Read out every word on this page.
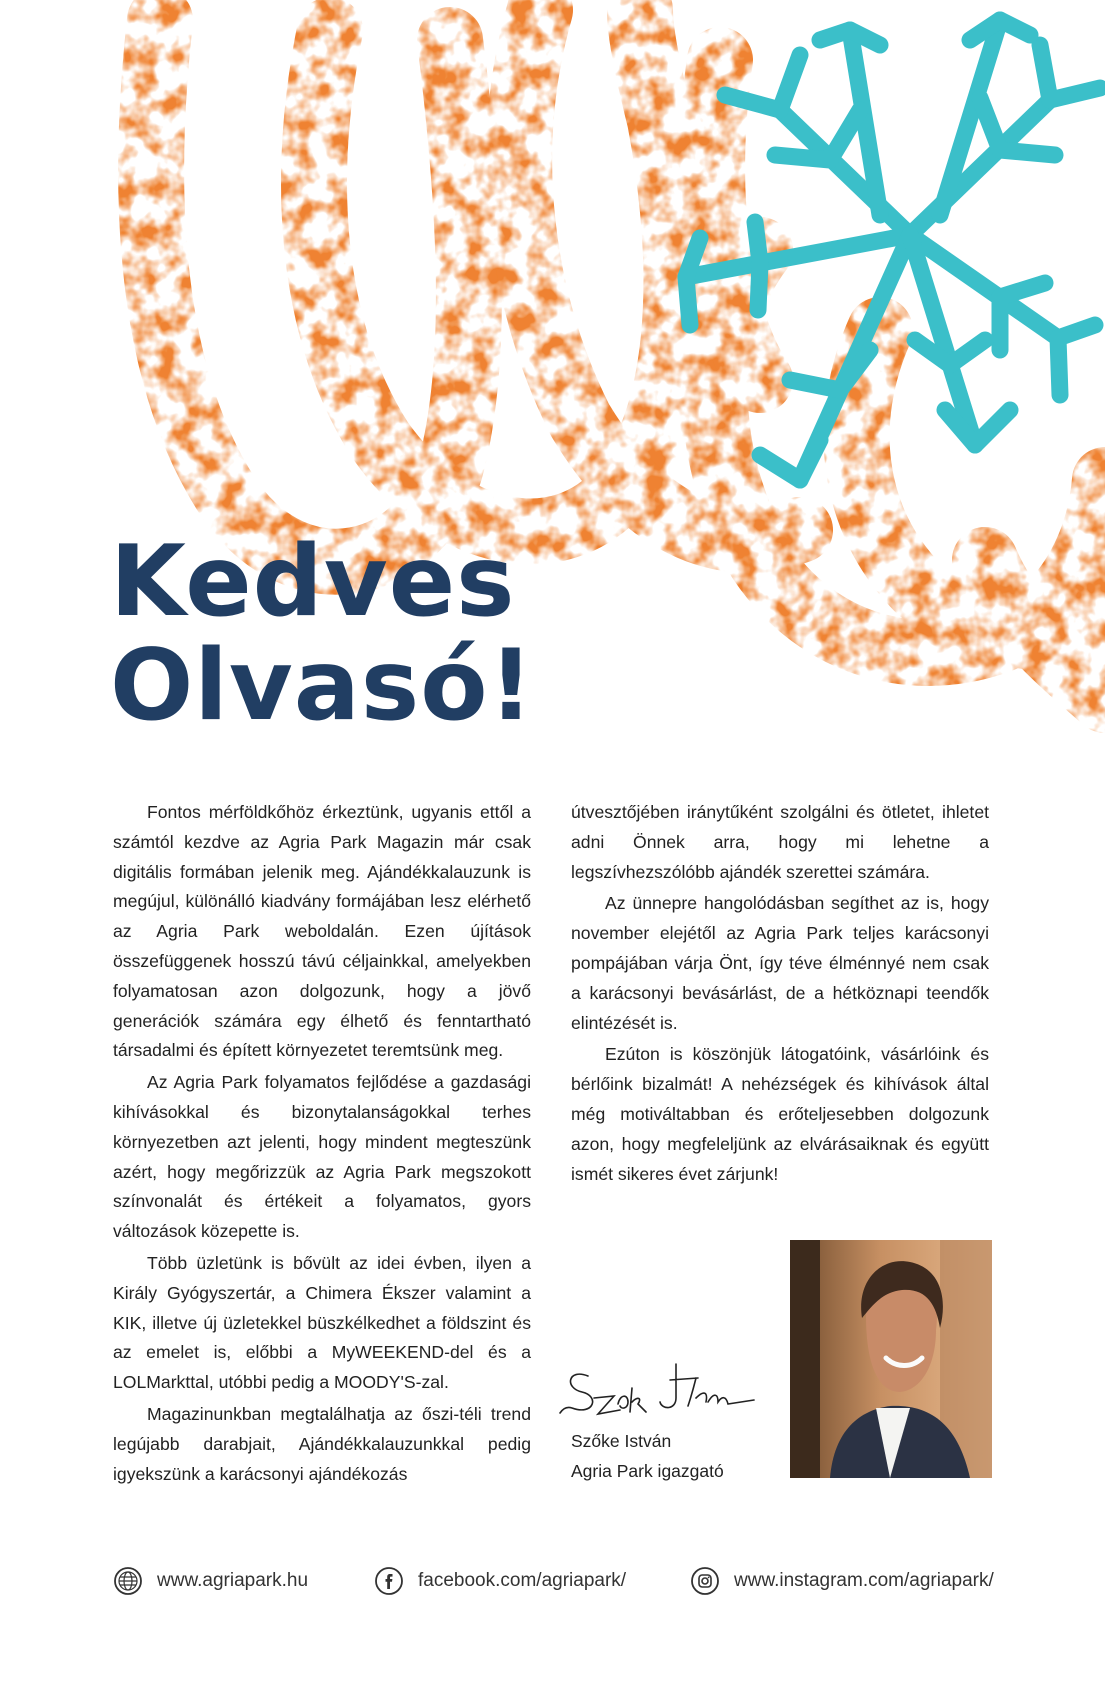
Kedves
Olvasó!

Fontos mérföldkőhöz érkeztünk, ugyanis ettől a számtól kezdve az Agria Park Magazin már csak digitális formában jelenik meg. Ajándékkalauzunk is megújul, különálló kiadvány formájában lesz elérhető az Agria Park weboldalán. Ezen újítások összefüggenek hosszú távú céljainkkal, amelyekben folyamatosan azon dolgozunk, hogy a jövő generációk számára egy élhető és fenntartható társadalmi és épített környezetet teremtsünk meg.

Az Agria Park folyamatos fejlődése a gazdasági kihívásokkal és bizonytalanságokkal terhes környezetben azt jelenti, hogy mindent megteszünk azért, hogy megőrizzük az Agria Park megszokott színvonalát és értékeit a folyamatos, gyors változások közepette is.

Több üzletünk is bővült az idei évben, ilyen a Király Gyógyszertár, a Chimera Ékszer valamint a KIK, illetve új üzletekkel büszkélkedhet a földszint és az emelet is, előbbi a MyWEEKEND-del és a LOLMarkttal, utóbbi pedig a MOODY'S-zal.

Magazinunkban megtalálhatja az őszi-téli trend legújabb darabjait, Ajándékkalauzunkkal pedig igyekszünk a karácsonyi ajándékozás

útvesztőjében iránytűként szolgálni és ötletet, ihletet adni Önnek arra, hogy mi lehetne a legszívhezszólóbb ajándék szerettei számára.

Az ünnepre hangolódásban segíthet az is, hogy november elejétől az Agria Park teljes karácsonyi pompájában várja Önt, így téve élménnyé nem csak a karácsonyi bevásárlást, de a hétköznapi teendők elintézését is.

Ezúton is köszönjük látogatóink, vásárlóink és bérlőink bizalmát! A nehézségek és kihívások által még motiváltabban és erőteljesebben dolgozunk azon, hogy megfeleljünk az elvárásaiknak és együtt ismét sikeres évet zárjunk!

Szőke István
Agria Park igazgató
www.agriapark.hu	facebook.com/agriapark/	www.instagram.com/agriapark/
